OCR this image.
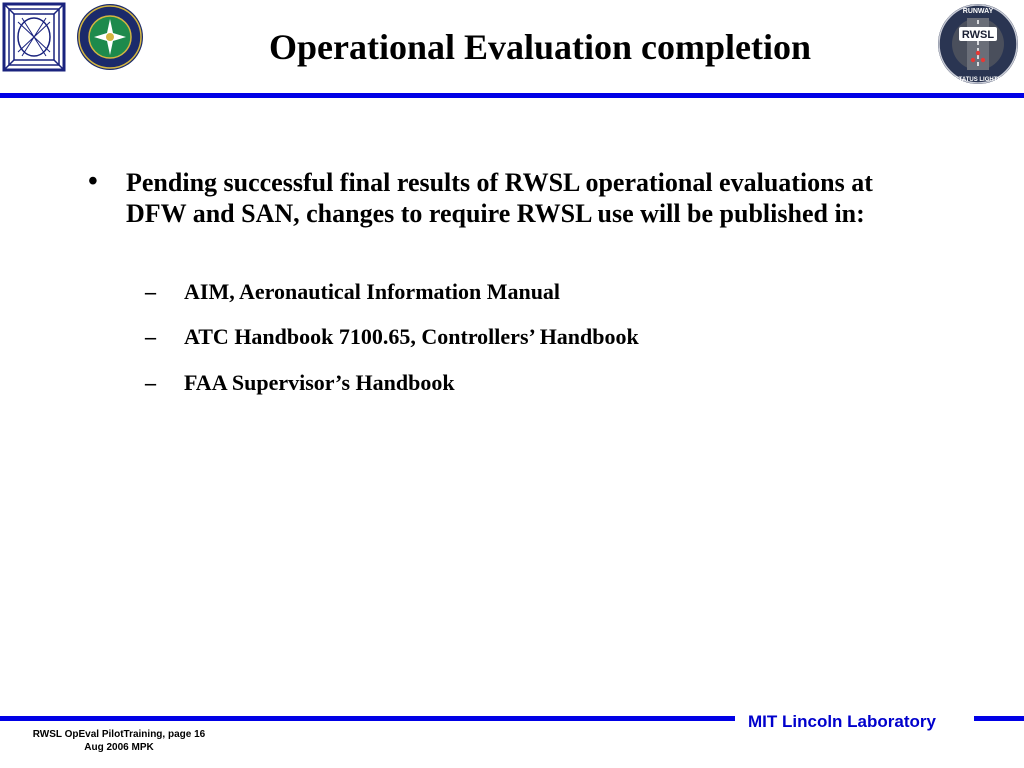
RWSL
RUNWAY
STATUS LIGHTS
Operational Evaluation completion
• Pending successful final results of RWSL operational evaluations at DFW and SAN, changes to require RWSL use will be published in:
– AIM, Aeronautical Information Manual
– ATC Handbook 7100.65, Controllers’ Handbook
– FAA Supervisor’s Handbook
MIT Lincoln Laboratory
RWSL OpEval PilotTraining, page 16
Aug 2006 MPK
